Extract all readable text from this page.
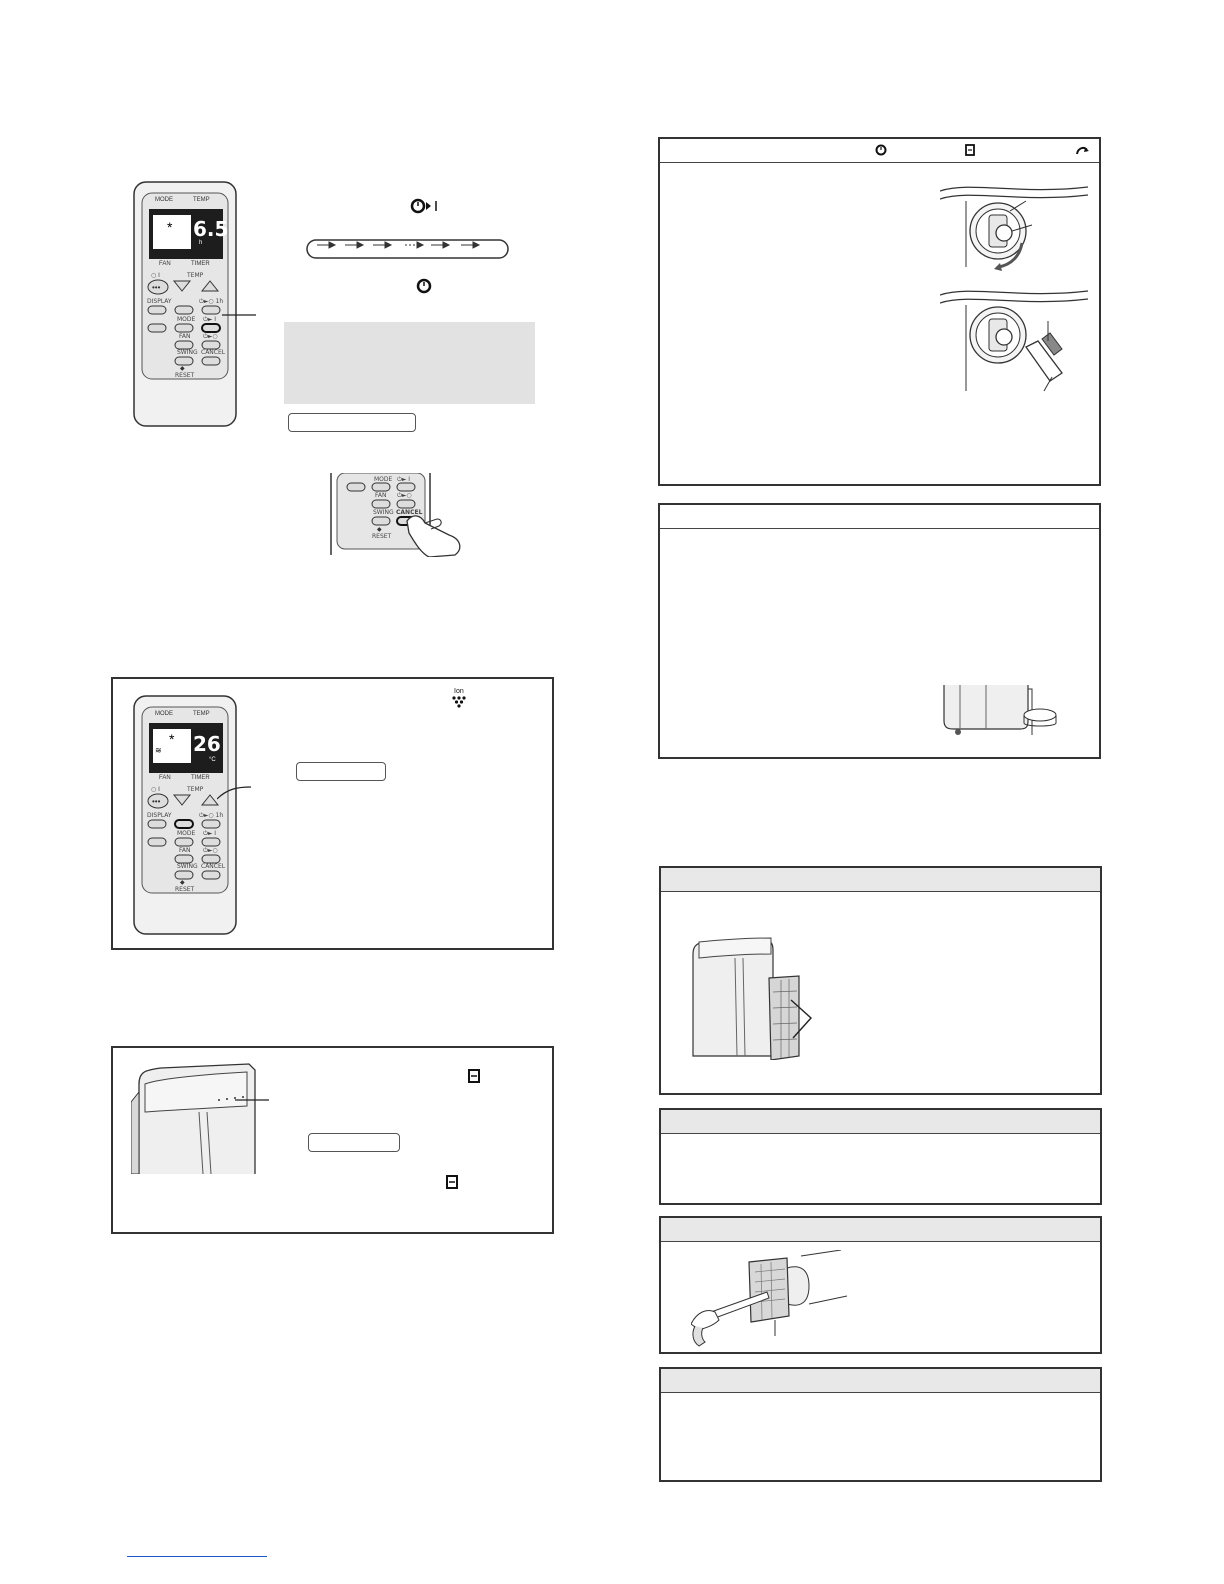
MODE	TEMP
* 6.5
h
FAN	TIMER
○ I	TEMP
•••
DISPLAY	⏻►○ 1h
MODE ⏻► I
FAN ⏻►○
SWING CANCEL
◆
RESET
MODE ⏻► I
FAN ⏻►○
SWING CANCEL
◆
RESET
MODE	TEMP
*
≋ 26
°C
FAN	TIMER
○ I	TEMP
•••
DISPLAY	⏻►○ 1h
MODE ⏻► I
FAN ⏻►○
SWING CANCEL
◆
RESET
Ion
